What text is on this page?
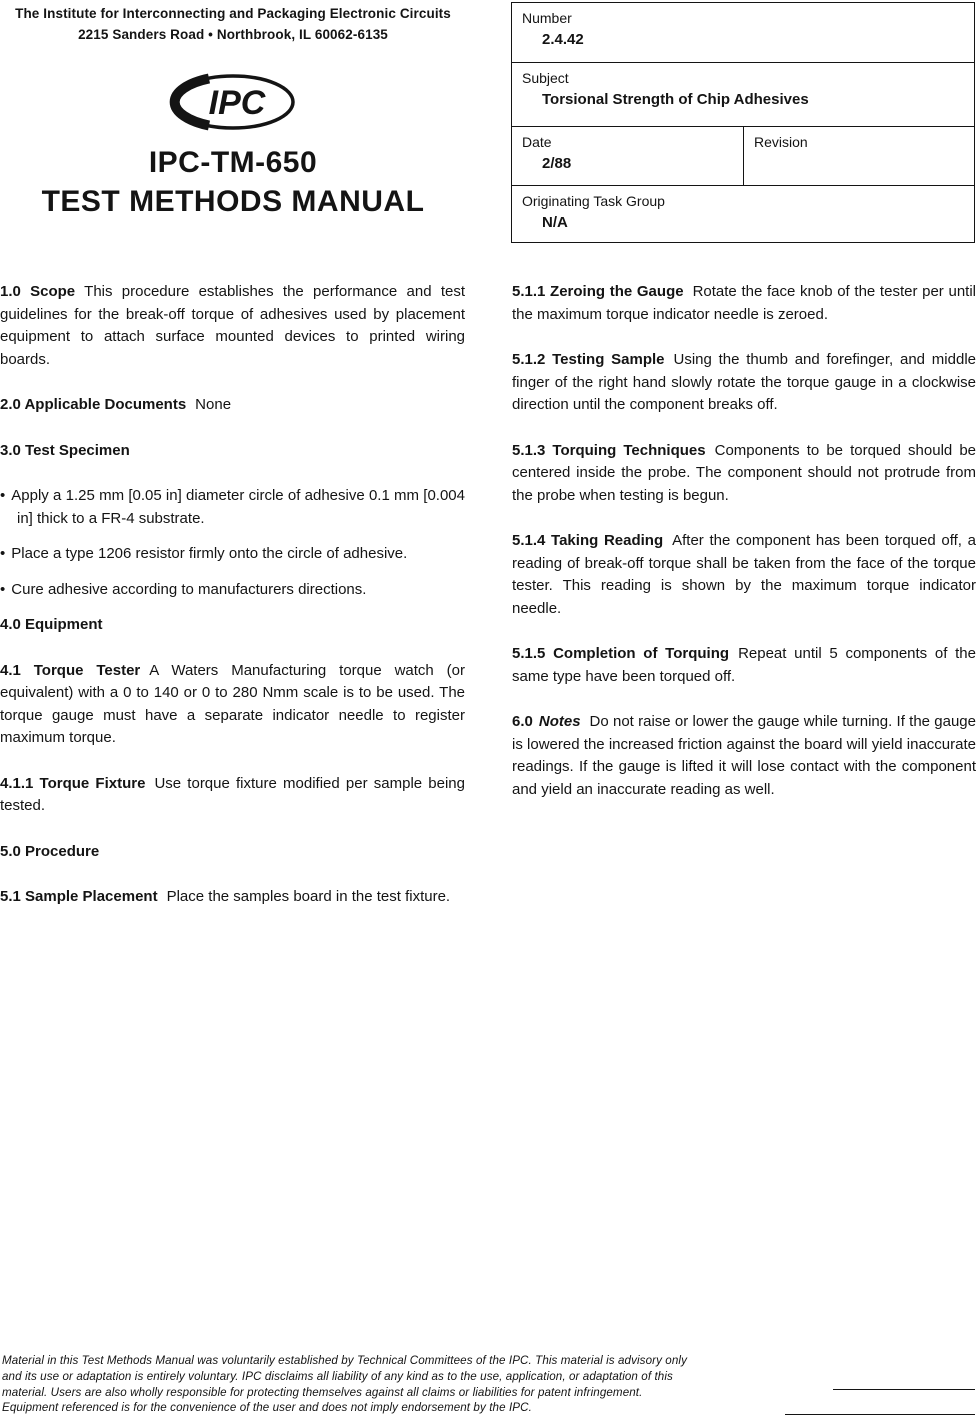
The Institute for Interconnecting and Packaging Electronic Circuits
2215 Sanders Road • Northbrook, IL 60062-6135
IPC
IPC-TM-650
TEST METHODS MANUAL
Number
2.4.42
Subject
Torsional Strength of Chip Adhesives
Date
2/88
Revision
Originating Task Group
N/A

1.0 Scope This procedure establishes the performance and test guidelines for the break-off torque of adhesives used by placement equipment to attach surface mounted devices to printed wiring boards.

2.0 Applicable Documents None

3.0 Test Specimen

• Apply a 1.25 mm [0.05 in] diameter circle of adhesive 0.1 mm [0.004 in] thick to a FR-4 substrate.

• Place a type 1206 resistor firmly onto the circle of adhesive.

• Cure adhesive according to manufacturers directions.

4.0 Equipment

4.1 Torque Tester A Waters Manufacturing torque watch (or equivalent) with a 0 to 140 or 0 to 280 Nmm scale is to be used. The torque gauge must have a separate indicator needle to register maximum torque.

4.1.1 Torque Fixture Use torque fixture modified per sample being tested.

5.0 Procedure

5.1 Sample Placement Place the samples board in the test fixture.

5.1.1 Zeroing the Gauge Rotate the face knob of the tester per until the maximum torque indicator needle is zeroed.

5.1.2 Testing Sample Using the thumb and forefinger, and middle finger of the right hand slowly rotate the torque gauge in a clockwise direction until the component breaks off.

5.1.3 Torquing Techniques Components to be torqued should be centered inside the probe. The component should not protrude from the probe when testing is begun.

5.1.4 Taking Reading After the component has been torqued off, a reading of break-off torque shall be taken from the face of the torque tester. This reading is shown by the maximum torque indicator needle.

5.1.5 Completion of Torquing Repeat until 5 components of the same type have been torqued off.

6.0 Notes Do not raise or lower the gauge while turning. If the gauge is lowered the increased friction against the board will yield inaccurate readings. If the gauge is lifted it will lose contact with the component and yield an inaccurate reading as well.

Material in this Test Methods Manual was voluntarily established by Technical Committees of the IPC. This material is advisory only
and its use or adaptation is entirely voluntary. IPC disclaims all liability of any kind as to the use, application, or adaptation of this
material. Users are also wholly responsible for protecting themselves against all claims or liabilities for patent infringement.
Equipment referenced is for the convenience of the user and does not imply endorsement by the IPC.
